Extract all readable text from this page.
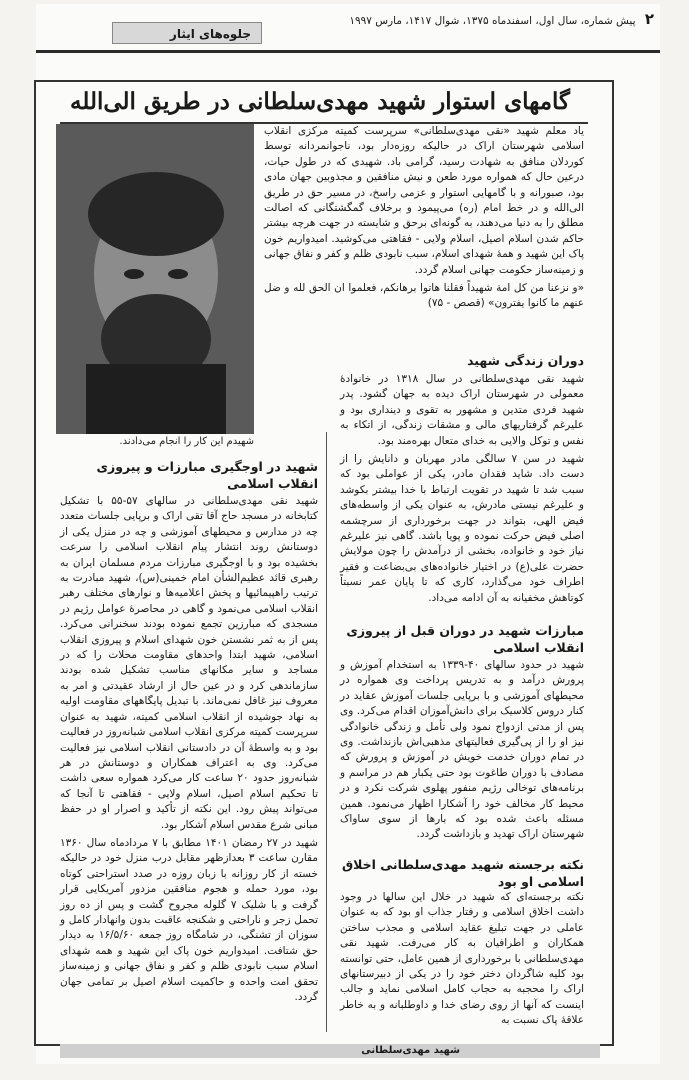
۲ پیش شماره، سال اول، اسفندماه ۱۳۷۵، شوال ۱۴۱۷، مارس ۱۹۹۷
جلوه‌های ایثار
گامهای استوار شهید مهدی‌سلطانی در طریق الی‌الله
شهیدم این کار را انجام می‌دادند.

یاد معلم شهید «نقی مهدی‌سلطانی» سرپرست کمیته مرکزی انقلاب اسلامی شهرستان اراک در حالیکه روزه‌دار بود، ناجوانمردانه توسط کوردلان منافق به شهادت رسید، گرامی باد. شهیدی که در طول حیات، درعین حال که همواره مورد طعن و نیش منافقین و مجذوبین جهان مادی بود، صبورانه و با گامهایی استوار و عزمی راسخ، در مسیر حق در طریق الی‌الله و در خط امام (ره) می‌پیمود و برخلاف گمگشتگانی که اصالت مطلق را به دنیا می‌دهند، به گونه‌ای برحق و شایسته در جهت هرچه بیشتر حاکم شدن اسلام اصیل، اسلام ولایی - فقاهتی می‌کوشید. امیدواریم خون پاک این شهید و همهٔ شهدای اسلام، سبب نابودی ظلم و کفر و نفاق جهانی و زمینه‌ساز حکومت جهانی اسلام گردد.

«و نزعنا من کل امة شهیداً فقلنا هاتوا برهانکم، فعلموا ان الحق لله و ضل عنهم ما کانوا یفترون» (قصص - ۷۵)

دوران زندگی شهید

شهید نقی مهدی‌سلطانی در سال ۱۳۱۸ در خانوادهٔ معمولی در شهرستان اراک دیده به جهان گشود. پدر شهید فردی متدین و مشهور به تقوی و دینداری بود و علیرغم گرفتاریهای مالی و مشقات زندگی، از اتکاء به نفس و توکل والایی به خدای متعال بهره‌مند بود.

شهید در سن ۷ سالگی مادر مهربان و دانایش را از دست داد. شاید فقدان مادر، یکی از عواملی بود که سبب شد تا شهید در تقویت ارتباط با خدا بیشتر بکوشد و علیرغم نیستی مادرش، به عنوان یکی از واسطه‌های فیض الهی، بتواند در جهت برخورداری از سرچشمه اصلی فیض حرکت نموده و پویا باشد. گاهی نیز علیرغم نیاز خود و خانواده، بخشی از درآمدش را چون مولایش حضرت علی(ع) در اختیار خانواده‌های بی‌بضاعت و فقیر اطراف خود می‌گذارد، کاری که تا پایان عمر نسبتاً کوتاهش مخفیانه به آن ادامه می‌داد.

مبارزات شهید در دوران قبل از پیروزی انقلاب اسلامی

شهید در حدود سالهای ۴۰-۱۳۳۹ به استخدام آموزش و پرورش درآمد و به تدریس پرداخت وی همواره در محیطهای آموزشی و با برپایی جلسات آموزش عقاید در کنار دروس کلاسیک برای دانش‌آموزان اقدام می‌کرد. وی پس از مدتی ازدواج نمود ولی تأمل و زندگی خانوادگی نیز او را از پی‌گیری فعالیتهای مذهبی‌اش بازنداشت. وی در تمام دوران خدمت خویش در آموزش و پرورش که مصادف با دوران طاغوت بود حتی یکبار هم در مراسم و برنامه‌های توخالی رژیم منفور پهلوی شرکت نکرد و در محیط کار مخالف خود را آشکارا اظهار می‌نمود. همین مسئله باعث شده بود که بارها از سوی ساواک شهرستان اراک تهدید و بازداشت گردد.

نکته برجسته شهید مهدی‌سلطانی اخلاق اسلامی او بود

نکته برجسته‌ای که شهید در خلال این سالها در وجود داشت اخلاق اسلامی و رفتار جذاب او بود که به عنوان عاملی در جهت تبلیغ عقاید اسلامی و مجذب ساختن همکاران و اطرافیان به کار می‌رفت. شهید نقی مهدی‌سلطانی با برخورداری از همین عامل، حتی توانسته بود کلیه شاگردان دختر خود را در یکی از دبیرستانهای اراک را محجبه به حجاب کامل اسلامی نماید و جالب اینست که آنها از روی رضای خدا و داوطلبانه و به خاطر علاقهٔ پاک نسبت به

شهید در اوجگیری مبارزات و پیروزی انقلاب اسلامی

شهید نقی مهدی‌سلطانی در سالهای ۵۷-۵۵ با تشکیل کتابخانه در مسجد حاج آقا تقی اراک و برپایی جلسات متعدد چه در مدارس و محیطهای آموزشی و چه در منزل یکی از دوستانش روند انتشار پیام انقلاب اسلامی را سرعت بخشیده بود و با اوجگیری مبارزات مردم مسلمان ایران به رهبری قائد عظیم‌الشأن امام خمینی(س)، شهید مبادرت به ترتیب راهپیمائیها و پخش اعلامیه‌ها و نوارهای مختلف رهبر انقلاب اسلامی می‌نمود و گاهی در محاصرهٔ عوامل رژیم در مسجدی که مبارزین تجمع نموده بودند سخنرانی می‌کرد. پس از به ثمر نشستن خون شهدای اسلام و پیروزی انقلاب اسلامی، شهید ابتدا واحدهای مقاومت محلات را که در مساجد و سایر مکانهای مناسب تشکیل شده بودند سازماندهی کرد و در عین حال از ارشاد عقیدتی و امر به معروف نیز غافل نمی‌ماند. با تبدیل پایگاههای مقاومت اولیه به نهاد جوشیده از انقلاب اسلامی کمیته، شهید به عنوان سرپرست کمیته مرکزی انقلاب اسلامی شبانه‌روز در فعالیت بود و به واسطهٔ آن در دادستانی انقلاب اسلامی نیز فعالیت می‌کرد. وی به اعتراف همکاران و دوستانش در هر شبانه‌روز حدود ۲۰ ساعت کار می‌کرد همواره سعی داشت تا تحکیم اسلام اصیل، اسلام ولایی - فقاهتی تا آنجا که می‌تواند پیش رود. این نکته از تأکید و اصرار او در حفظ مبانی شرع مقدس اسلام آشکار بود.

شهید در ۲۷ رمضان ۱۴۰۱ مطابق با ۷ مردادماه سال ۱۳۶۰ مقارن ساعت ۳ بعدازظهر مقابل درب منزل خود در حالیکه خسته از کار روزانه با زبان روزه در صدد استراحتی کوتاه بود، مورد حمله و هجوم منافقین مزدور آمریکایی قرار گرفت و با شلیک ۷ گلوله مجروح گشت و پس از ده روز تحمل زجر و ناراحتی و شکنجه عاقبت بدون وانهادار کامل و سوزان از تشنگی، در شامگاه روز جمعه ۱۶/۵/۶۰ به دیدار حق شتافت. امیدواریم خون پاک این شهید و همه شهدای اسلام سبب نابودی ظلم و کفر و نفاق جهانی و زمینه‌ساز تحقق امت واحده و حاکمیت اسلام اصیل بر تمامی جهان گردد.

شهید مهدی‌سلطانی
